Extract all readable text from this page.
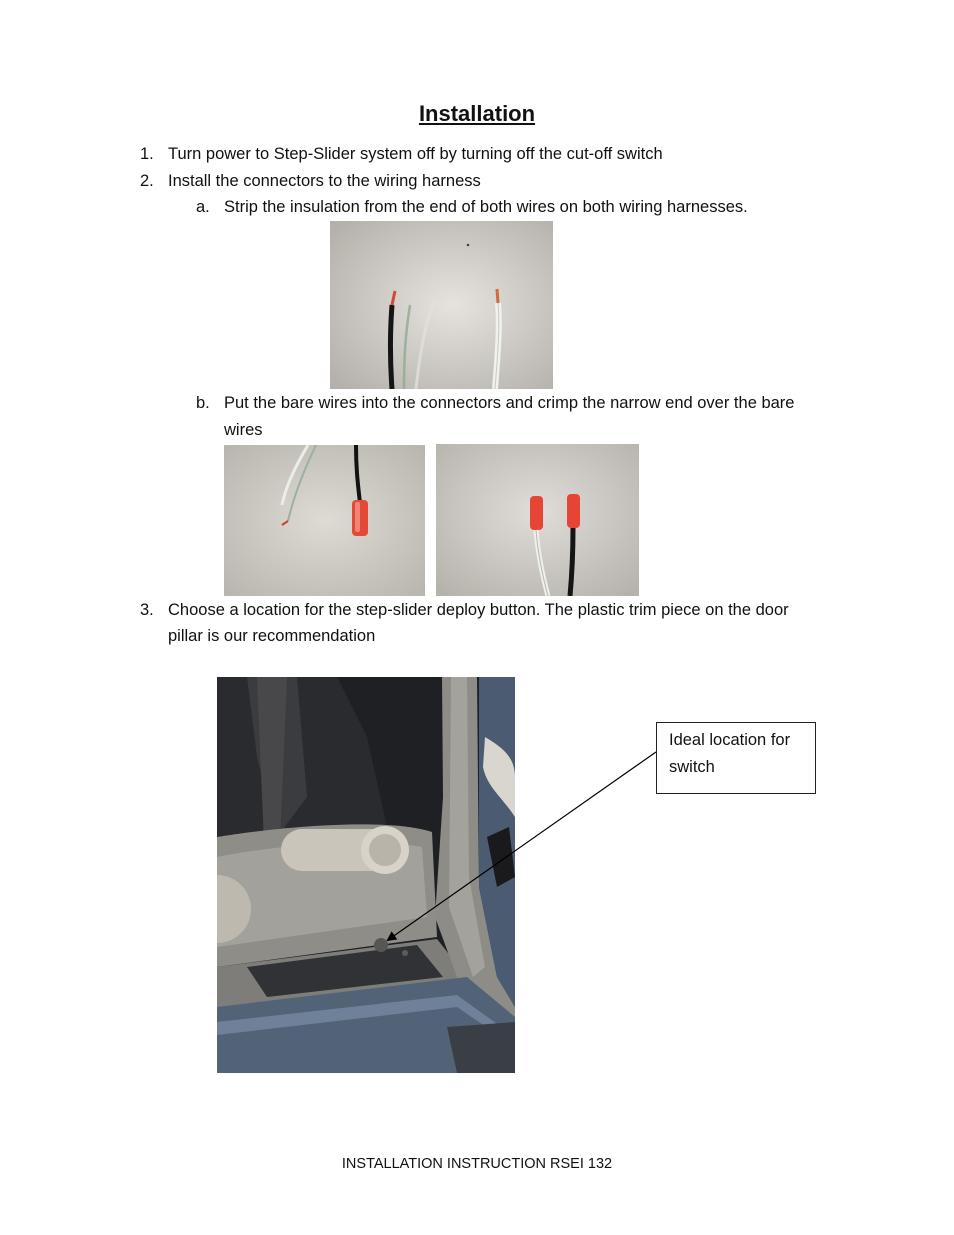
Installation
1. Turn power to Step-Slider system off by turning off the cut-off switch
2. Install the connectors to the wiring harness
a. Strip the insulation from the end of both wires on both wiring harnesses.
b. Put the bare wires into the connectors and crimp the narrow end over the bare
wires
3. Choose a location for the step-slider deploy button. The plastic trim piece on the door
pillar is our recommendation
Ideal location for
switch
INSTALLATION INSTRUCTION RSEI 132
